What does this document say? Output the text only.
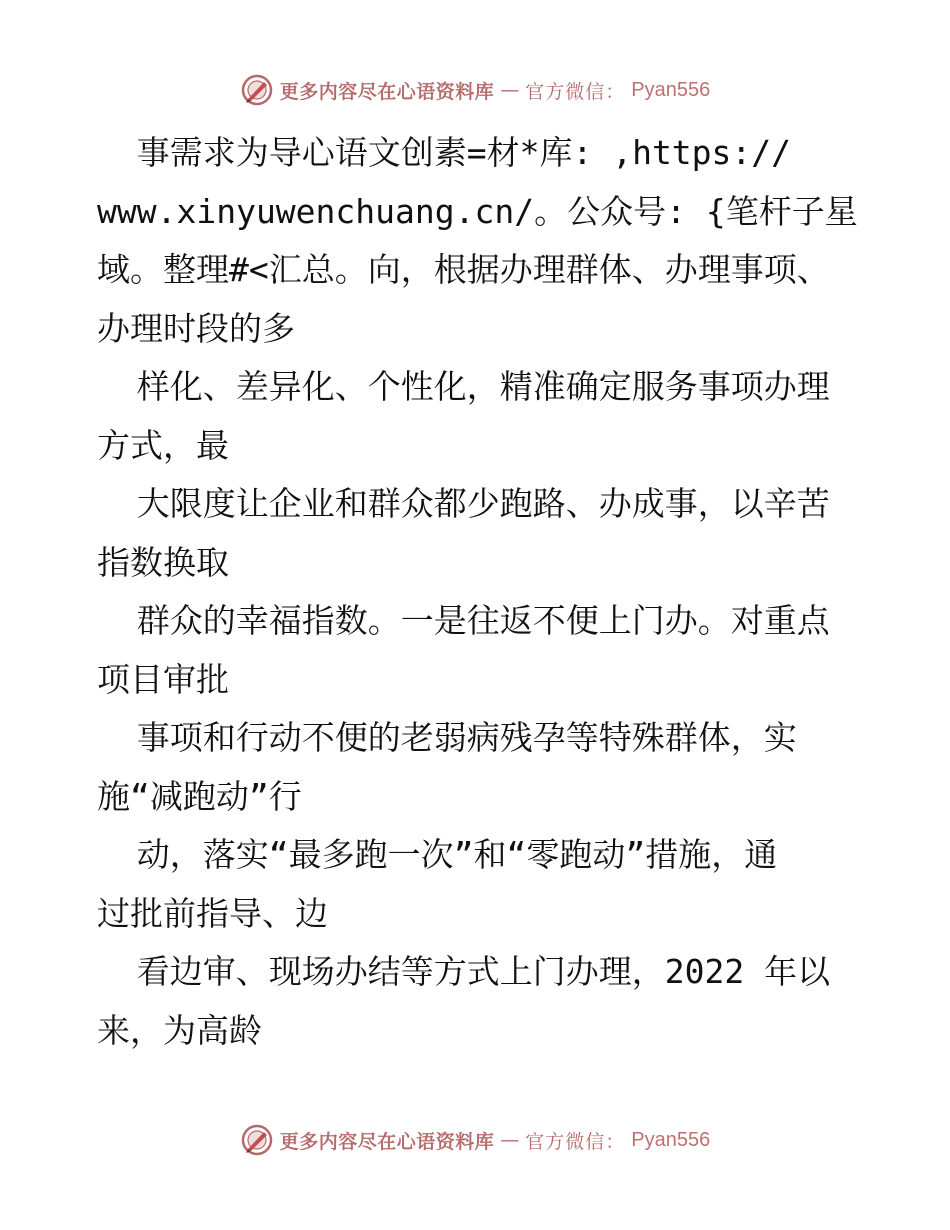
更多内容尽在心语资料库 — 官方微信： Pyan556
事需求为导心语文创素=材*库: ,https://
www.xinyuwenchuang.cn/。公众号: {笔杆子星
域。整理#<汇总。向，根据办理群体、办理事项、
办理时段的多
样化、差异化、个性化，精准确定服务事项办理
方式，最
大限度让企业和群众都少跑路、办成事，以辛苦
指数换取
群众的幸福指数。一是往返不便上门办。对重点
项目审批
事项和行动不便的老弱病残孕等特殊群体，实
施“减跑动”行
动，落实“最多跑一次”和“零跑动”措施，通
过批前指导、边
看边审、现场办结等方式上门办理，2022 年以
来，为高龄
更多内容尽在心语资料库 — 官方微信： Pyan556
